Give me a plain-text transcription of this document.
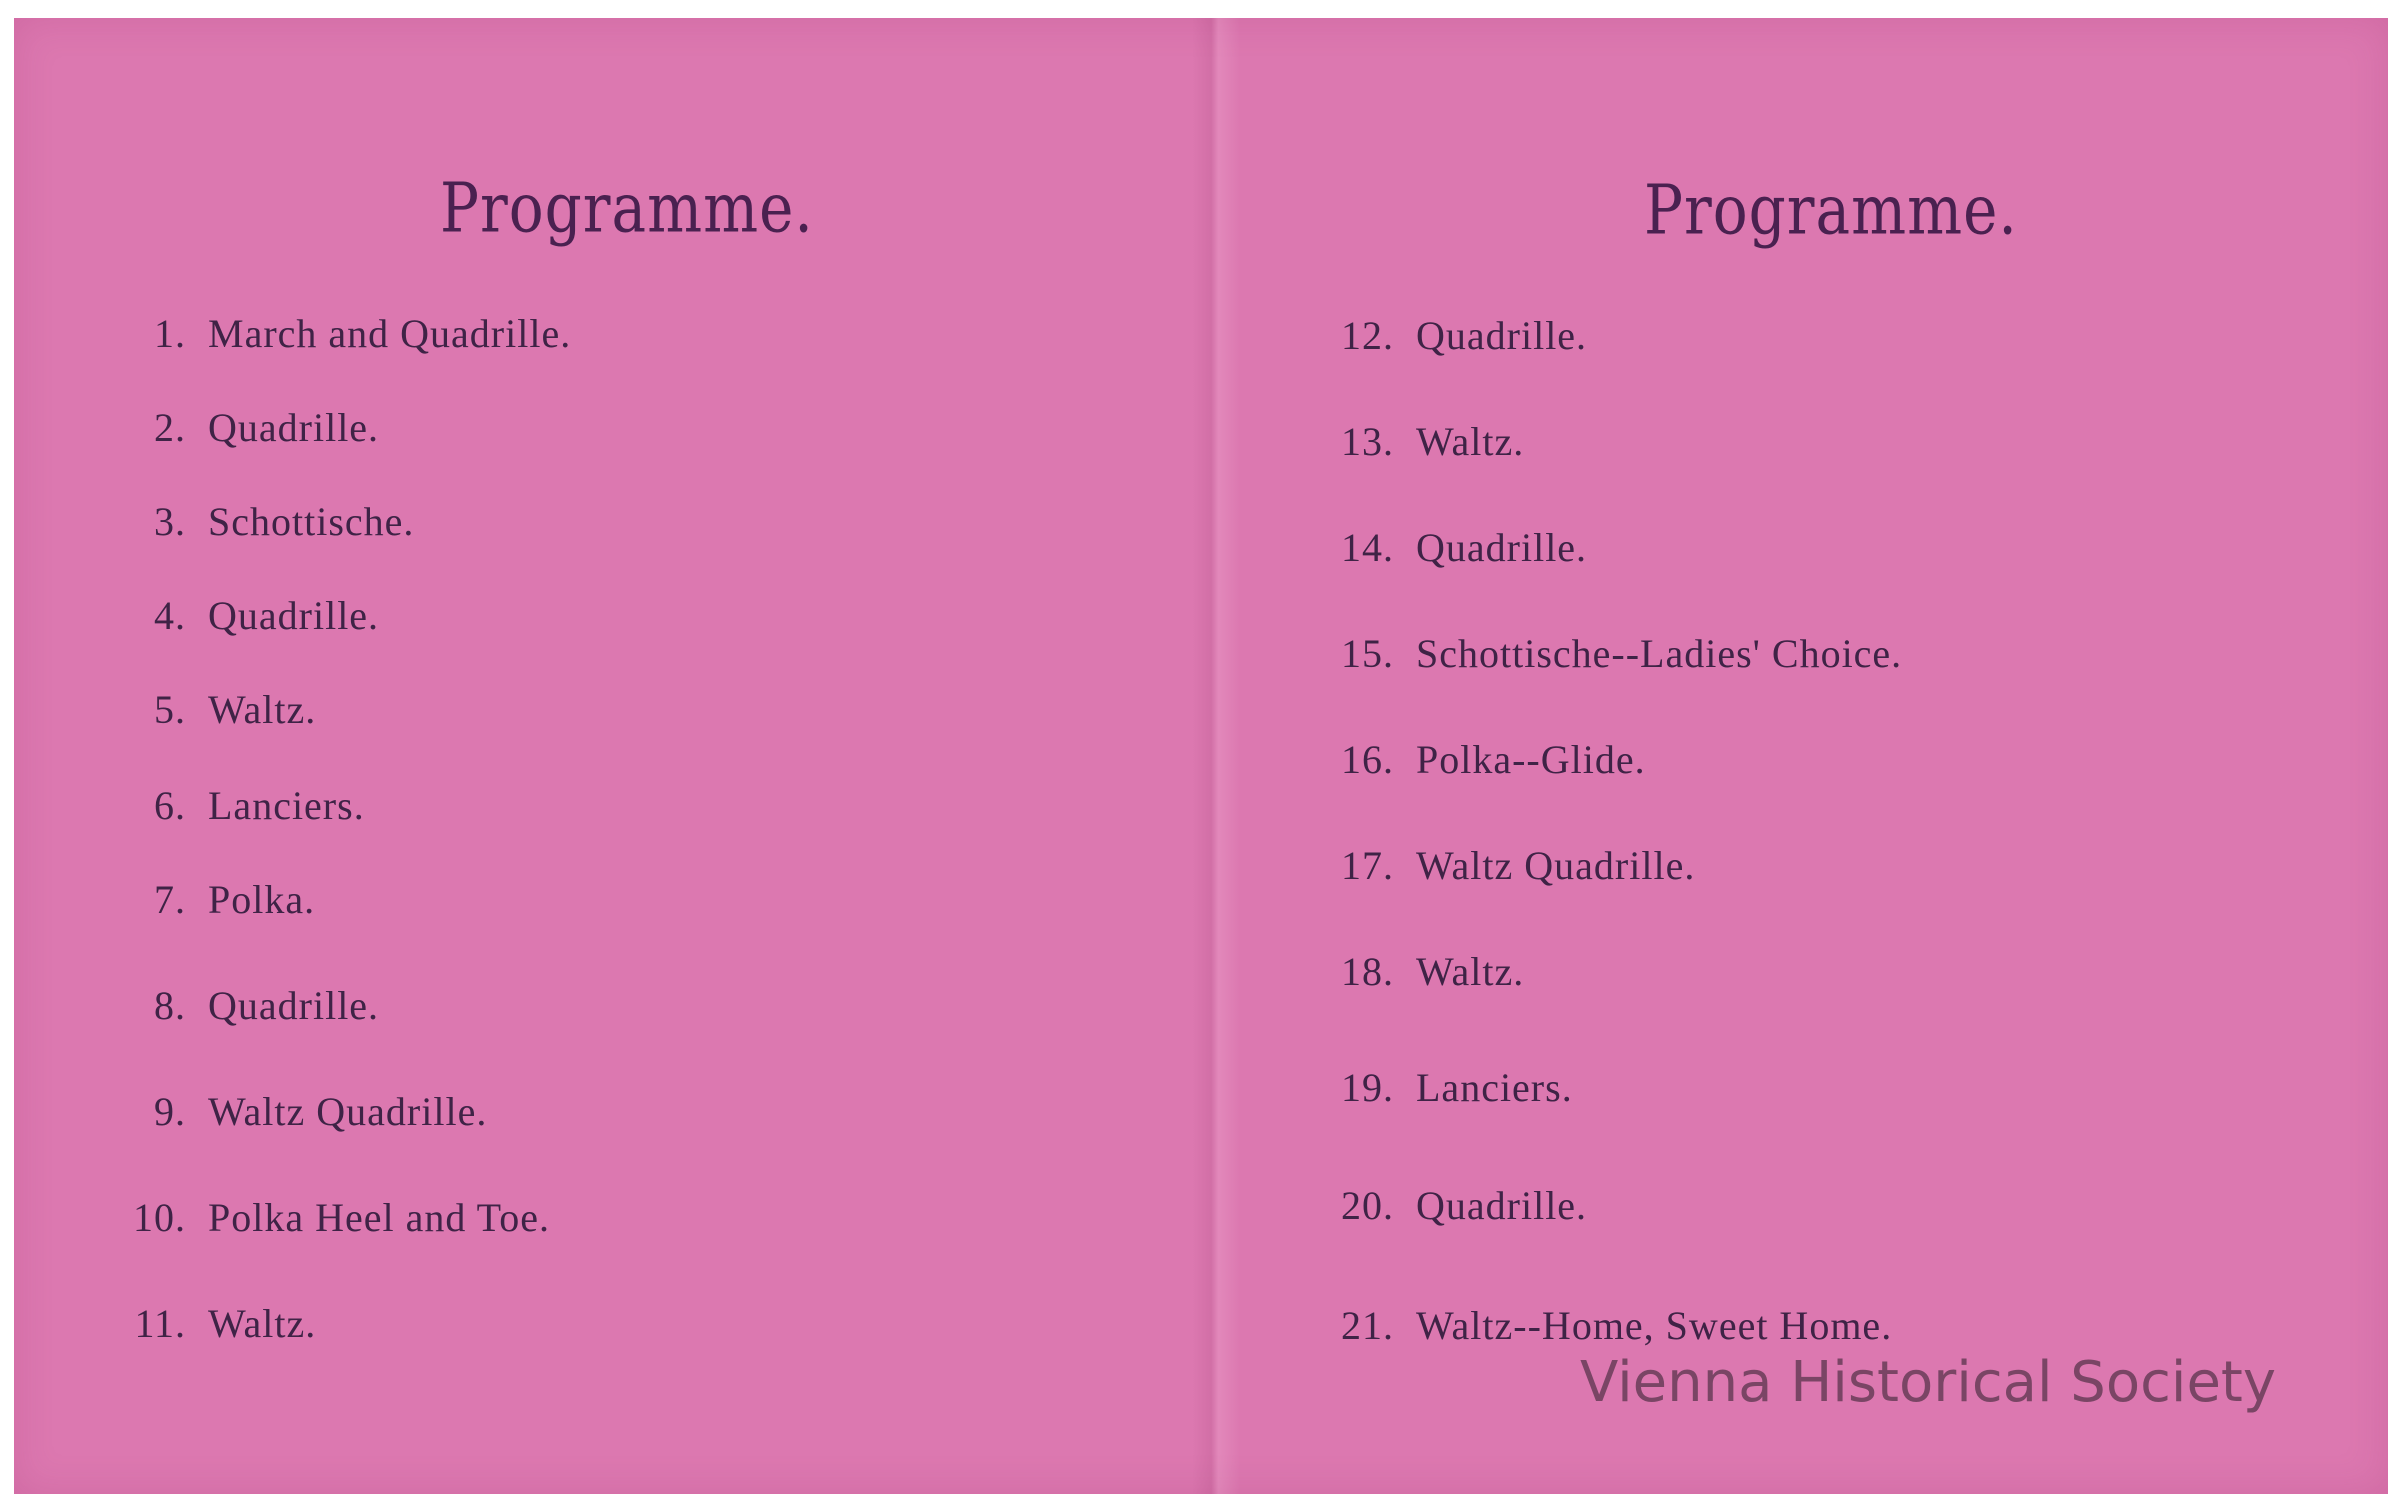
Programme.
1. March and Quadrille.
2. Quadrille.
3. Schottische.
4. Quadrille.
5. Waltz.
6. Lanciers.
7. Polka.
8. Quadrille.
9. Waltz Quadrille.
10. Polka Heel and Toe.
11. Waltz.
Programme.
12. Quadrille.
13. Waltz.
14. Quadrille.
15. Schottische--Ladies' Choice.
16. Polka--Glide.
17. Waltz Quadrille.
18. Waltz.
19. Lanciers.
20. Quadrille.
21. Waltz--Home, Sweet Home.
Vienna Historical Society
